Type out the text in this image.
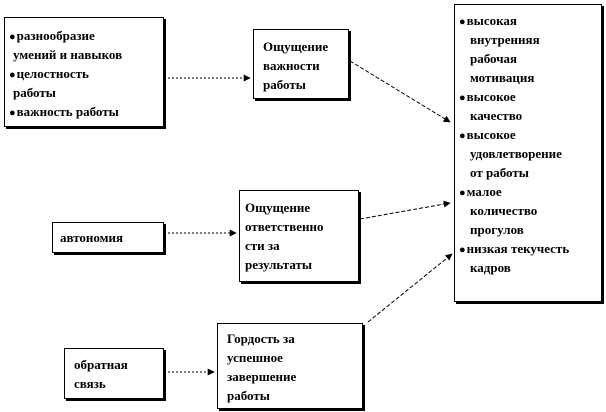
●разнообразие
умений и навыков
●целостность
работы
●важность работы
Ощущение
важности
работы
автономия
Ощущение
ответственно
сти за
результаты
обратная
связь
Гордость за
успешное
завершение
работы
●высокая
внутренняя
рабочая
мотивация
●высокое
качество
●высокое
удовлетворение
от работы
●малое
количество
прогулов
●низкая текучесть
кадров
